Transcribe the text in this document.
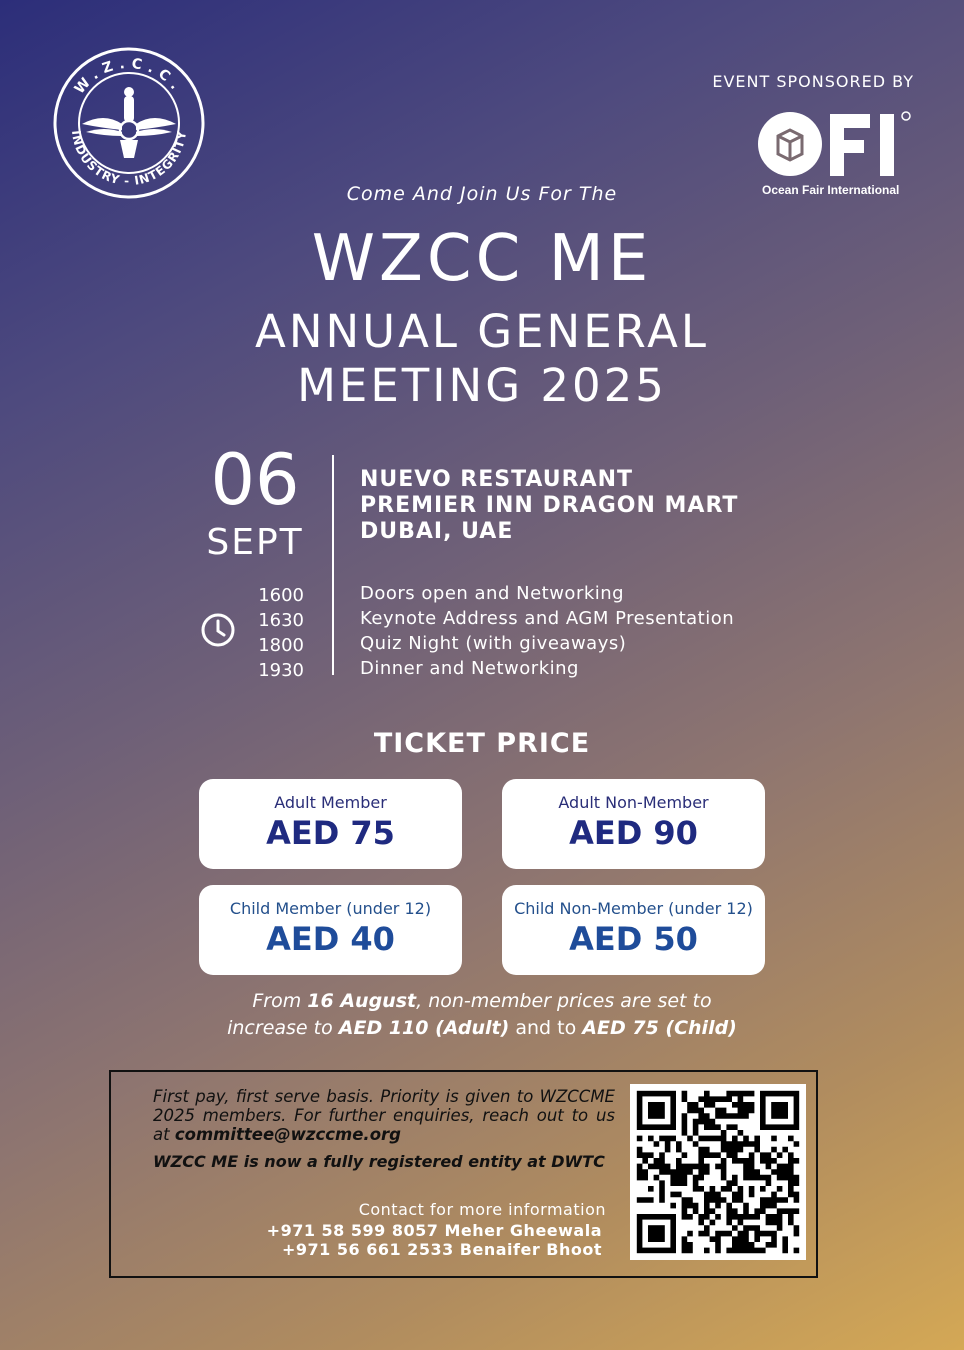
W.Z.C.C.
INDUSTRY - INTEGRITY
EVENT SPONSORED BY
Ocean Fair International
Come And Join Us For The
WZCC ME
ANNUAL GENERAL
MEETING 2025
06
SEPT
NUEVO RESTAURANT
PREMIER INN DRAGON MART
DUBAI, UAE
1600
1630
1800
1930
Doors open and Networking
Keynote Address and AGM Presentation
Quiz Night (with giveaways)
Dinner and Networking
TICKET PRICE
Adult Member
AED 75
Adult Non-Member
AED 90
Child Member (under 12)
AED 40
Child Non-Member (under 12)
AED 50
From 16 August, non-member prices are set to
increase to AED 110 (Adult) and to AED 75 (Child)
First pay, first serve basis. Priority is given to WZCCME 2025 members. For further enquiries, reach out to us at committee@wzccme.org
WZCC ME is now a fully registered entity at DWTC
Contact for more information
+971 58 599 8057 Meher Gheewala
+971 56 661 2533 Benaifer Bhoot
